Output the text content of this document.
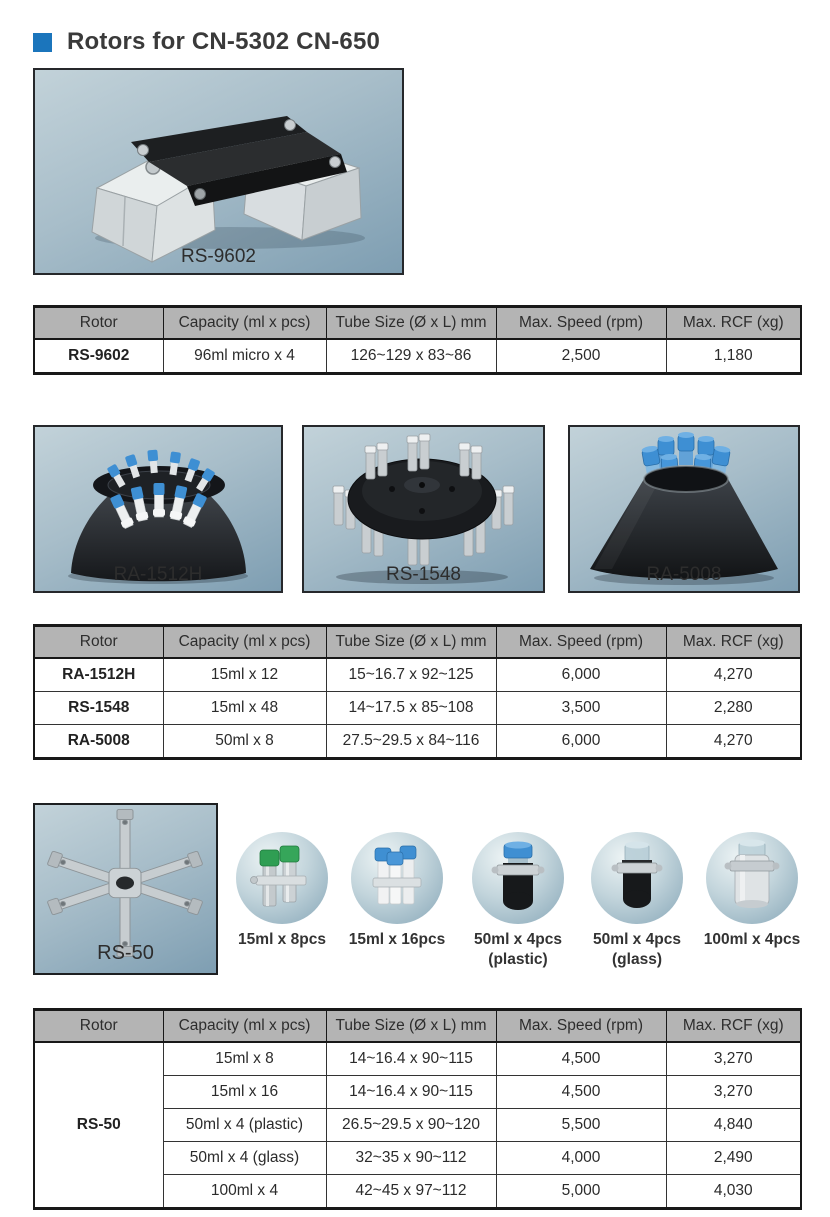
Rotors for CN-5302 CN-650
RS-9602
Rotor	Capacity (ml x pcs)	Tube Size (Ø x L) mm	Max. Speed (rpm)	Max. RCF (xg)
RS-9602	96ml micro x 4	126~129 x 83~86	2,500	1,180
RA-1512H	RS-1548	RA-5008
Rotor	Capacity (ml x pcs)	Tube Size (Ø x L) mm	Max. Speed (rpm)	Max. RCF (xg)
RA-1512H	15ml x 12	15~16.7 x 92~125	6,000	4,270
RS-1548	15ml x 48	14~17.5 x 85~108	3,500	2,280
RA-5008	50ml x 8	27.5~29.5 x 84~116	6,000	4,270
RS-50
15ml x 8pcs	15ml x 16pcs	50ml x 4pcs
(plastic)
50ml x 4pcs
(glass)
100ml x 4pcs
Rotor	Capacity (ml x pcs)	Tube Size (Ø x L) mm	Max. Speed (rpm)	Max. RCF (xg)
RS-50	15ml x 8	14~16.4 x 90~115	4,500	3,270
	15ml x 16	14~16.4 x 90~115	4,500	3,270
	50ml x 4 (plastic)	26.5~29.5 x 90~120	5,500	4,840
	50ml x 4 (glass)	32~35 x 90~112	4,000	2,490
	100ml x 4	42~45 x 97~112	5,000	4,030
